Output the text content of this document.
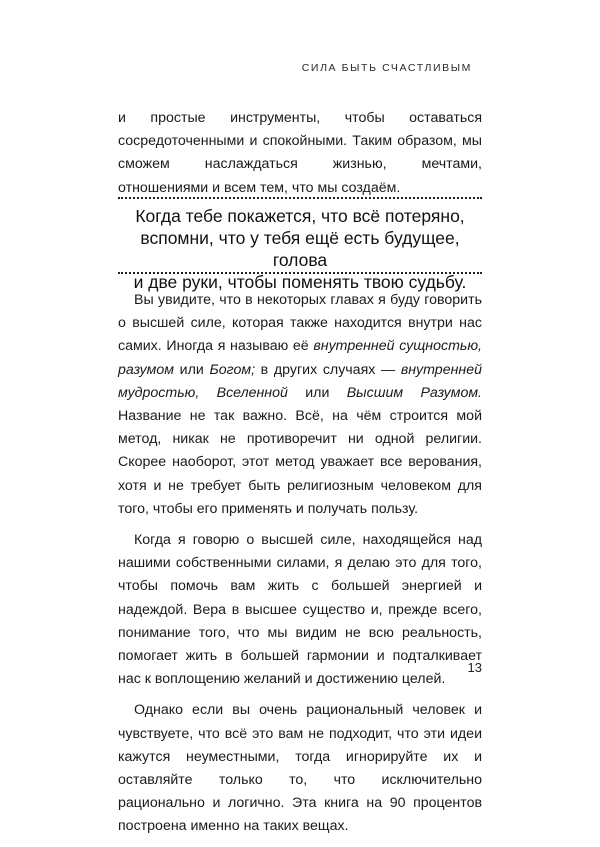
СИЛА БЫТЬ СЧАСТЛИВЫМ

и простые инструменты, чтобы оставаться сосредоточенными и спокойными. Таким образом, мы сможем наслаждаться жизнью, мечтами, отношениями и всем тем, что мы создаём.

Когда тебе покажется, что всё потеряно,
вспомни, что у тебя ещё есть будущее, голова
и две руки, чтобы поменять твою судьбу.

Вы увидите, что в некоторых главах я буду говорить о высшей силе, которая также находится внутри нас самих. Иногда я называю её внутренней сущностью, разумом или Богом; в других случаях — внутренней мудростью, Вселенной или Высшим Разумом. Название не так важно. Всё, на чём строится мой метод, никак не противоречит ни одной религии. Скорее наоборот, этот метод уважает все верования, хотя и не требует быть религиозным человеком для того, чтобы его применять и получать пользу.

Когда я говорю о высшей силе, находящейся над нашими собственными силами, я делаю это для того, чтобы помочь вам жить с большей энергией и надеждой. Вера в высшее существо и, прежде всего, понимание того, что мы видим не всю реальность, помогает жить в большей гармонии и подталкивает нас к воплощению желаний и достижению целей.

Однако если вы очень рациональный человек и чувствуете, что всё это вам не подходит, что эти идеи кажутся неуместными, тогда игнорируйте их и оставляйте только то, что исключительно рационально и логично. Эта книга на 90 процентов построена именно на таких вещах.

13
